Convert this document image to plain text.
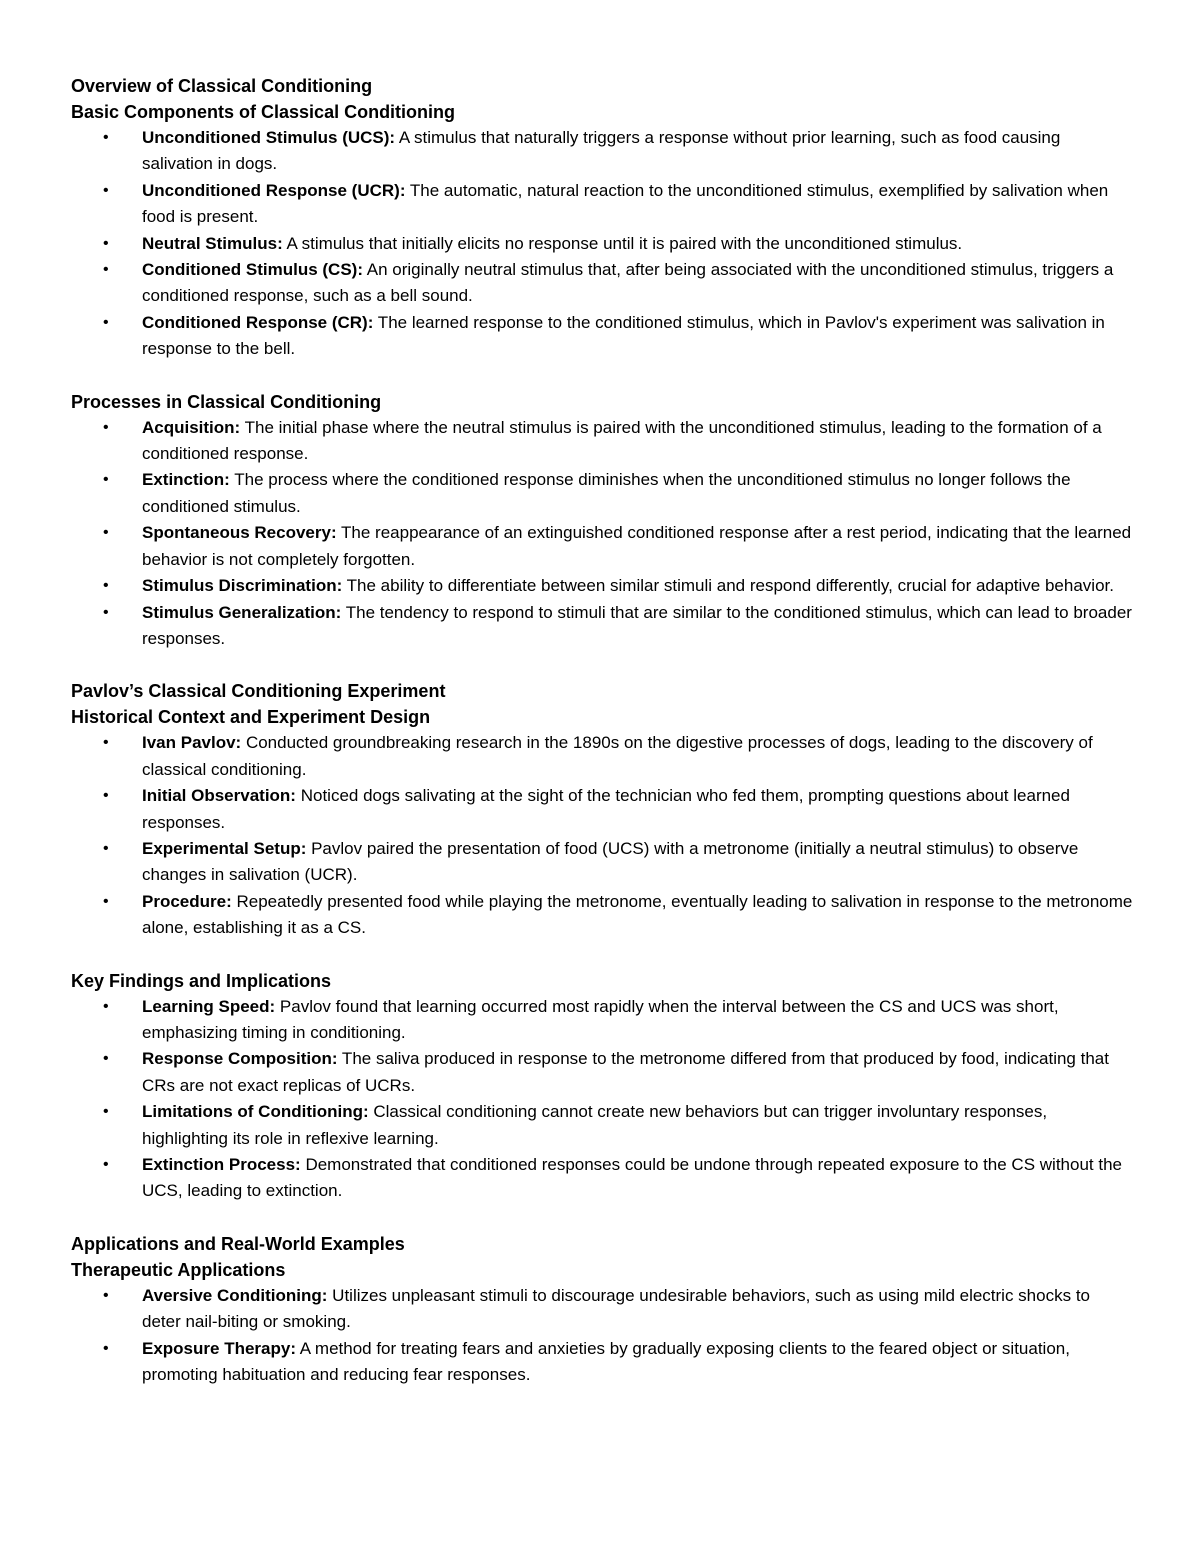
Overview of Classical Conditioning
Basic Components of Classical Conditioning
• Unconditioned Stimulus (UCS): A stimulus that naturally triggers a response without prior learning, such as food causing salivation in dogs.
• Unconditioned Response (UCR): The automatic, natural reaction to the unconditioned stimulus, exemplified by salivation when food is present.
• Neutral Stimulus: A stimulus that initially elicits no response until it is paired with the unconditioned stimulus.
• Conditioned Stimulus (CS): An originally neutral stimulus that, after being associated with the unconditioned stimulus, triggers a conditioned response, such as a bell sound.
• Conditioned Response (CR): The learned response to the conditioned stimulus, which in Pavlov's experiment was salivation in response to the bell.
Processes in Classical Conditioning
• Acquisition: The initial phase where the neutral stimulus is paired with the unconditioned stimulus, leading to the formation of a conditioned response.
• Extinction: The process where the conditioned response diminishes when the unconditioned stimulus no longer follows the conditioned stimulus.
• Spontaneous Recovery: The reappearance of an extinguished conditioned response after a rest period, indicating that the learned behavior is not completely forgotten.
• Stimulus Discrimination: The ability to differentiate between similar stimuli and respond differently, crucial for adaptive behavior.
• Stimulus Generalization: The tendency to respond to stimuli that are similar to the conditioned stimulus, which can lead to broader responses.
Pavlov’s Classical Conditioning Experiment
Historical Context and Experiment Design
• Ivan Pavlov: Conducted groundbreaking research in the 1890s on the digestive processes of dogs, leading to the discovery of classical conditioning.
• Initial Observation: Noticed dogs salivating at the sight of the technician who fed them, prompting questions about learned responses.
• Experimental Setup: Pavlov paired the presentation of food (UCS) with a metronome (initially a neutral stimulus) to observe changes in salivation (UCR).
• Procedure: Repeatedly presented food while playing the metronome, eventually leading to salivation in response to the metronome alone, establishing it as a CS.
Key Findings and Implications
• Learning Speed: Pavlov found that learning occurred most rapidly when the interval between the CS and UCS was short, emphasizing timing in conditioning.
• Response Composition: The saliva produced in response to the metronome differed from that produced by food, indicating that CRs are not exact replicas of UCRs.
• Limitations of Conditioning: Classical conditioning cannot create new behaviors but can trigger involuntary responses, highlighting its role in reflexive learning.
• Extinction Process: Demonstrated that conditioned responses could be undone through repeated exposure to the CS without the UCS, leading to extinction.
Applications and Real-World Examples
Therapeutic Applications
• Aversive Conditioning: Utilizes unpleasant stimuli to discourage undesirable behaviors, such as using mild electric shocks to deter nail-biting or smoking.
• Exposure Therapy: A method for treating fears and anxieties by gradually exposing clients to the feared object or situation, promoting habituation and reducing fear responses.
